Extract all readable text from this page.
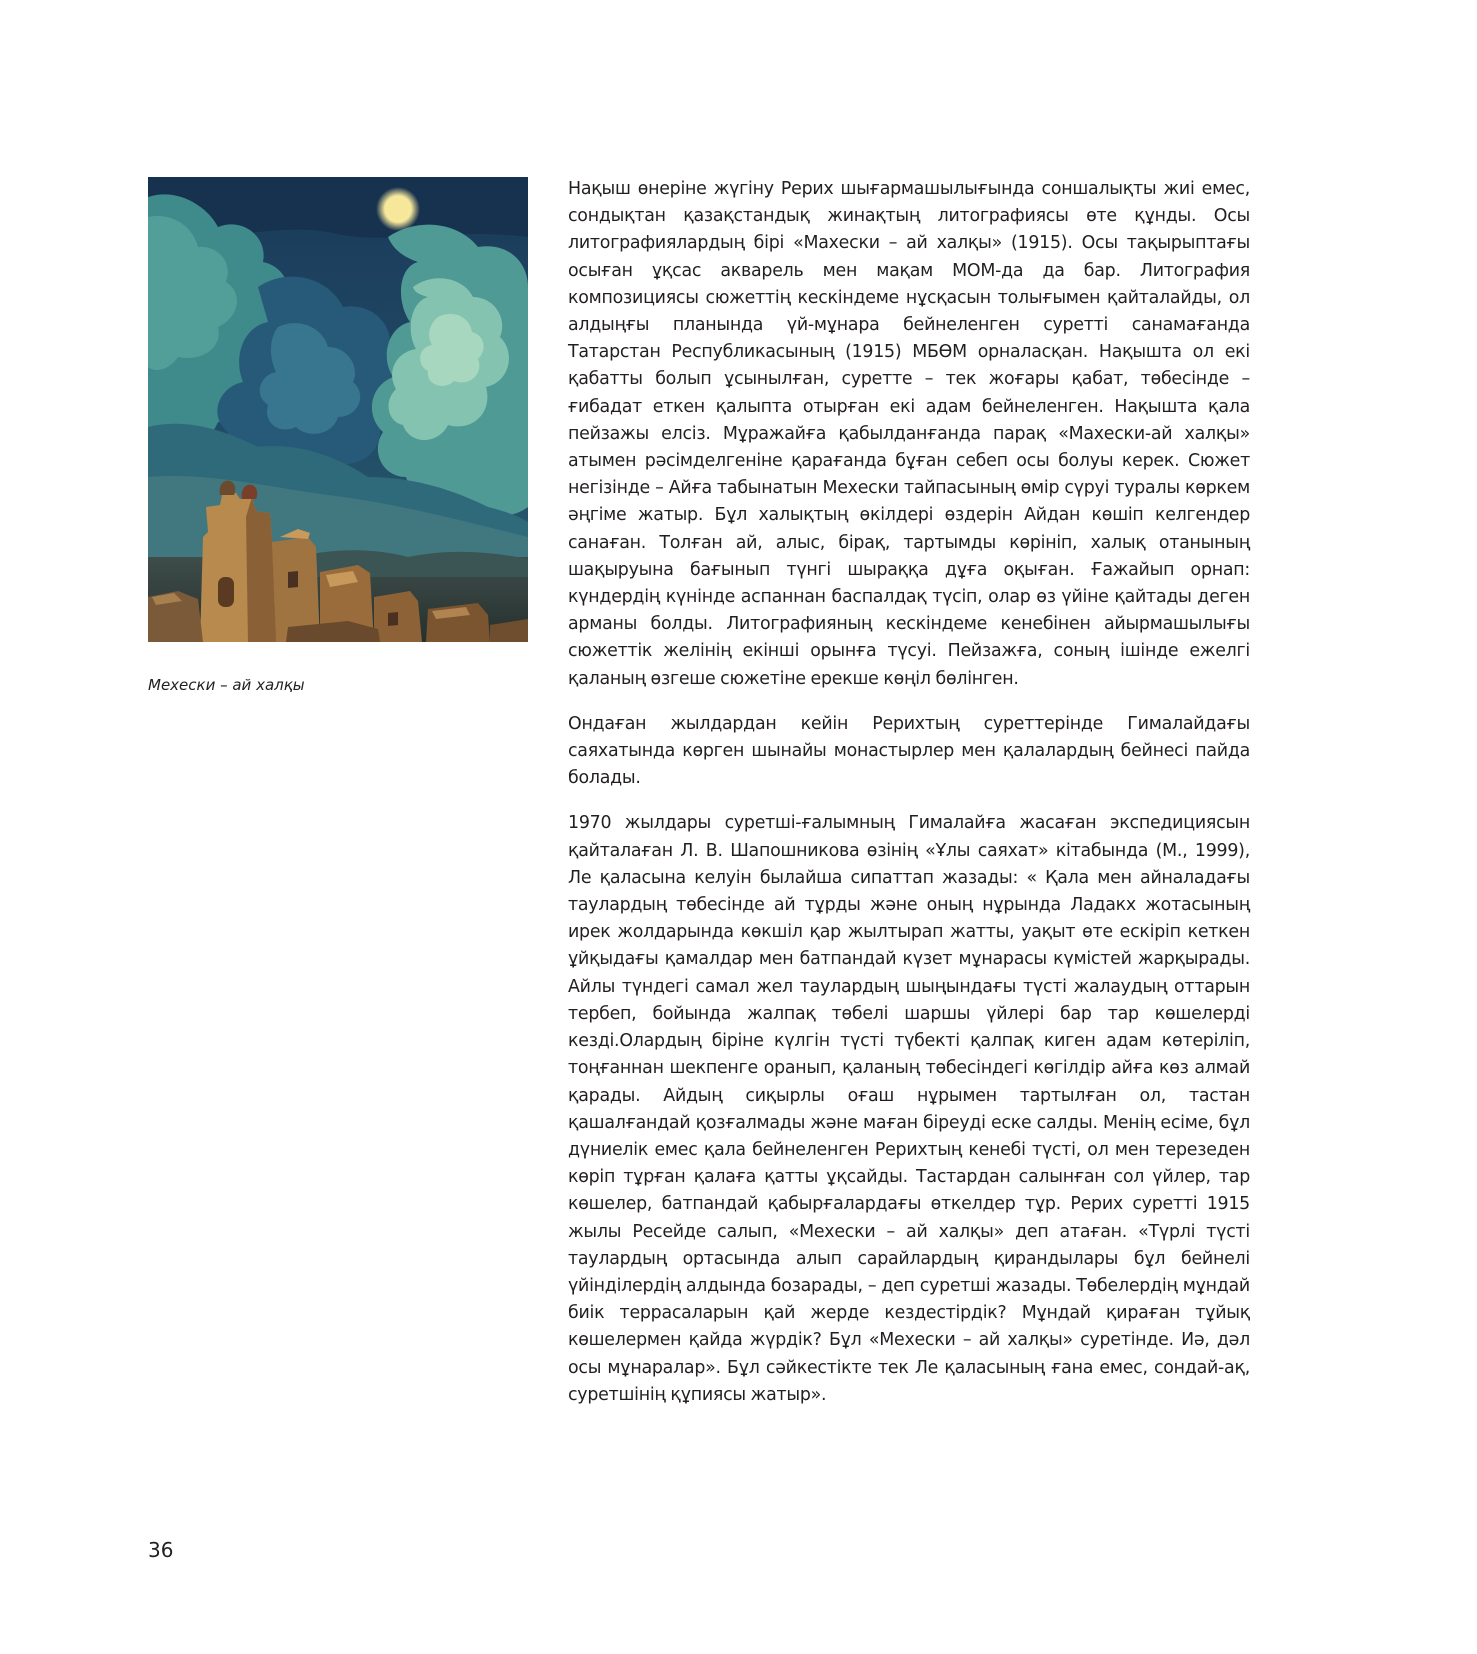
Мехески – ай халқы

Нақыш өнеріне жүгіну Рерих шығармашылығында соншалықты жиі емес, сондықтан қазақстандық жинақтың литографиясы өте құнды. Осы литографиялардың бірі «Махески – ай халқы» (1915). Осы тақырыптағы осыған ұқсас акварель мен мақам МОМ-да да бар. Литография композициясы сюжеттің кескіндеме нұсқасын толығымен қайталайды, ол алдыңғы планында үй-мұнара бейнеленген суретті санамағанда Татарстан Республикасының (1915) МБӨМ орналасқан. Нақышта ол екі қабатты болып ұсынылған, суретте – тек жоғары қабат, төбесінде – ғибадат еткен қалыпта отырған екі адам бейнеленген. Нақышта қала пейзажы елсіз. Мұражайға қабылданғанда парақ «Махески-ай халқы» атымен рәсімделгеніне қарағанда бұған себеп осы болуы керек. Сюжет негізінде – Айға табынатын Мехески тайпасының өмір сүруі туралы көркем әңгіме жатыр. Бұл халықтың өкілдері өздерін Айдан көшіп келгендер санаған. Толған ай, алыс, бірақ, тартымды көрініп, халық отанының шақыруына бағынып түнгі шыраққа дұға оқыған. Ғажайып орнап: күндердің күнінде аспаннан баспалдақ түсіп, олар өз үйіне қайтады деген арманы болды. Литографияның кескіндеме кенебінен айырмашылығы сюжеттік желінің екінші орынға түсуі. Пейзажға, соның ішінде ежелгі қаланың өзгеше сюжетіне ерекше көңіл бөлінген.

Ондаған жылдардан кейін Рерихтың суреттерінде Гималайдағы саяхатында көрген шынайы монастырлер мен қалалардың бейнесі пайда болады.

1970 жылдары суретші-ғалымның Гималайға жасаған экспедициясын қайталаған Л. В. Шапошникова өзінің «Ұлы саяхат» кітабында (М., 1999), Ле қаласына келуін былайша сипаттап жазады: « Қала мен айналадағы таулардың төбесінде ай тұрды және оның нұрында Ладакх жотасының ирек жолдарында көкшіл қар жылтырап жатты, уақыт өте ескіріп кеткен ұйқыдағы қамалдар мен батпандай күзет мұнарасы күмістей жарқырады. Айлы түндегі самал жел таулардың шыңындағы түсті жалаудың оттарын тербеп, бойында жалпақ төбелі шаршы үйлері бар тар көшелерді кезді.Олардың біріне күлгін түсті түбекті қалпақ киген адам көтеріліп, тоңғаннан шекпенге оранып, қаланың төбесіндегі көгілдір айға көз алмай қарады. Айдың сиқырлы оғаш нұрымен тартылған ол, тастан қашалғандай қозғалмады және маған біреуді еске салды. Менің есіме, бұл дүниелік емес қала бейнеленген Рерихтың кенебі түсті, ол мен терезеден көріп тұрған қалаға қатты ұқсайды. Тастардан салынған сол үйлер, тар көшелер, батпандай қабырғалардағы өткелдер тұр. Рерих суретті 1915 жылы Ресейде салып, «Мехески – ай халқы» деп атаған. «Түрлі түсті таулардың ортасында алып сарайлардың қирандылары бұл бейнелі үйінділердің алдында бозарады, – деп суретші жазады. Төбелердің мұндай биік террасаларын қай жерде кездестірдік? Мұндай қираған тұйық көшелермен қайда жүрдік? Бұл «Мехески – ай халқы» суретінде. Иә, дәл осы мұнаралар». Бұл сәйкестікте тек Ле қаласының ғана емес, сондай-ақ, суретшінің құпиясы жатыр».

36
